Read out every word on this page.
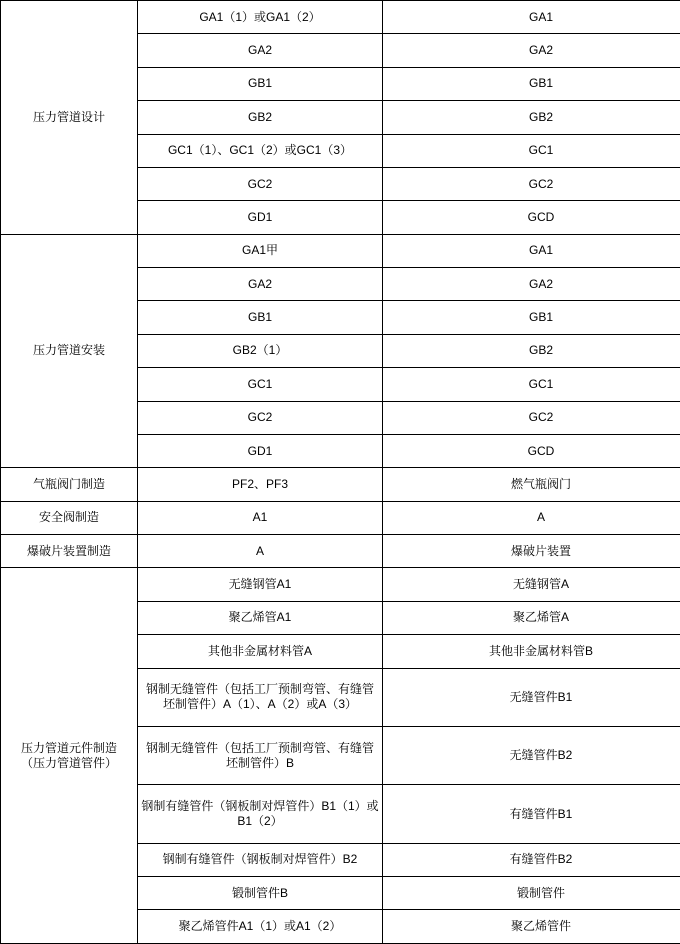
压力管道设计	GA1（1）或GA1（2）	GA1
	GA2	GA2
	GB1	GB1
	GB2	GB2
	GC1（1）、GC1（2）或GC1（3）	GC1
	GC2	GC2
	GD1	GCD
压力管道安装	GA1甲	GA1
	GA2	GA2
	GB1	GB1
	GB2（1）	GB2
	GC1	GC1
	GC2	GC2
	GD1	GCD
气瓶阀门制造	PF2、PF3	燃气瓶阀门
安全阀制造	A1	A
爆破片装置制造	A	爆破片装置

压力管道元件制造
（压力管道管件）	无缝钢管A1	无缝钢管A
	聚乙烯管A1	聚乙烯管A
	其他非金属材料管A	其他非金属材料管B
	钢制无缝管件（包括工厂预制弯管、有缝管坯制管件）A（1）、A（2）或A（3）	无缝管件B1
	钢制无缝管件（包括工厂预制弯管、有缝管坯制管件）B	无缝管件B2
	钢制有缝管件（钢板制对焊管件）B1（1）或B1（2）	有缝管件B1
	钢制有缝管件（钢板制对焊管件）B2	有缝管件B2
	锻制管件B	锻制管件
	聚乙烯管件A1（1）或A1（2）	聚乙烯管件
